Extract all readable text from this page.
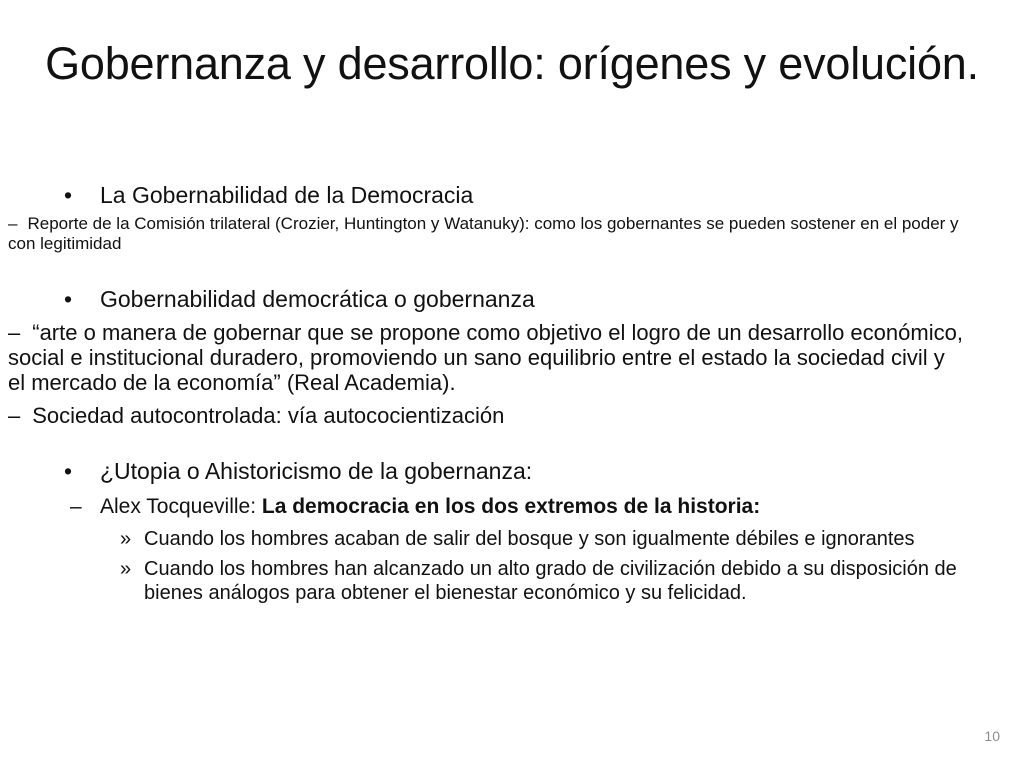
Gobernanza y desarrollo: orígenes y evolución.
• La Gobernabilidad de la Democracia
– Reporte de la Comisión trilateral (Crozier, Huntington y Watanuky): como los gobernantes se pueden sostener en el poder y con legitimidad
• Gobernabilidad democrática o gobernanza
– “arte o manera de gobernar que se propone como objetivo el logro de un desarrollo económico, social e institucional duradero, promoviendo un sano equilibrio entre el estado la sociedad civil y el mercado de la economía” (Real Academia).
– Sociedad autocontrolada: vía autococientización
• ¿Utopia o Ahistoricismo de la gobernanza:
– Alex Tocqueville: La democracia en los dos extremos de la historia:
» Cuando los hombres acaban de salir del bosque y son igualmente débiles e ignorantes
» Cuando los hombres han alcanzado un alto grado de civilización debido a su disposición de bienes análogos para obtener el bienestar económico y su felicidad.
10
